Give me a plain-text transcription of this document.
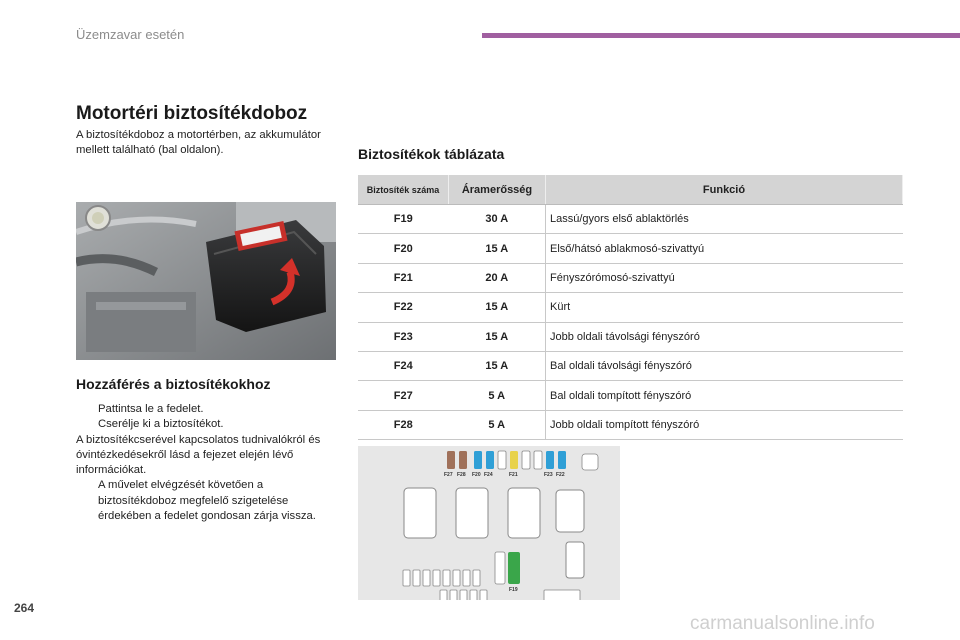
Üzemzavar esetén
Motortéri biztosítékdoboz
A biztosítékdoboz a motortérben, az akkumulátor mellett található (bal oldalon).
Hozzáférés a biztosítékokhoz

Pattintsa le a fedelet.

Cserélje ki a biztosítékot.

A biztosítékcserével kapcsolatos tudnivalókról és óvintézkedésekről lásd a fejezet elején lévő információkat.

A művelet elvégzését követően a biztosítékdoboz megfelelő szigetelése érdekében a fedelet gondosan zárja vissza.

Biztosítékok táblázata
Biztosíték száma	Áramerősség	Funkció
F19	30 A	Lassú/gyors első ablaktörlés
F20	15 A	Első/hátsó ablakmosó-szivattyú
F21	20 A	Fényszórómosó-szivattyú
F22	15 A	Kürt
F23	15 A	Jobb oldali távolsági fényszóró
F24	15 A	Bal oldali távolsági fényszóró
F27	5 A	Bal oldali tompított fényszóró
F28	5 A	Jobb oldali tompított fényszóró
F27 F28 F20 F24	F21	F23 F22
F19
264
carmanualsonline.info
